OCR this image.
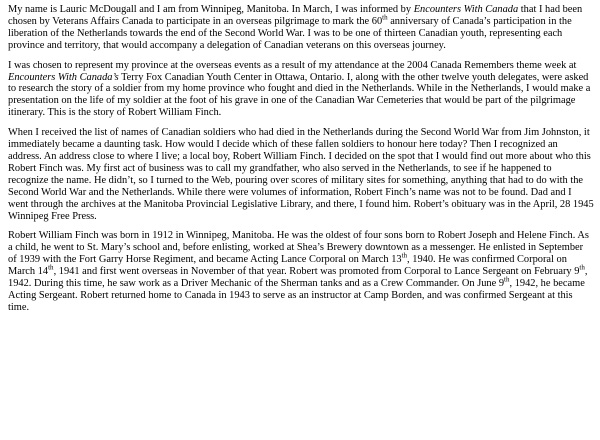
My name is Lauric McDougall and I am from Winnipeg, Manitoba. In March, I was informed by Encounters With Canada that I had been chosen by Veterans Affairs Canada to participate in an overseas pilgrimage to mark the 60th anniversary of Canada’s participation in the liberation of the Netherlands towards the end of the Second World War. I was to be one of thirteen Canadian youth, representing each province and territory, that would accompany a delegation of Canadian veterans on this overseas journey.

I was chosen to represent my province at the overseas events as a result of my attendance at the 2004 Canada Remembers theme week at Encounters With Canada’s Terry Fox Canadian Youth Center in Ottawa, Ontario. I, along with the other twelve youth delegates, were asked to research the story of a soldier from my home province who fought and died in the Netherlands. While in the Netherlands, I would make a presentation on the life of my soldier at the foot of his grave in one of the Canadian War Cemeteries that would be part of the pilgrimage itinerary. This is the story of Robert William Finch.

When I received the list of names of Canadian soldiers who had died in the Netherlands during the Second World War from Jim Johnston, it immediately became a daunting task. How would I decide which of these fallen soldiers to honour here today? Then I recognized an address. An address close to where I live; a local boy, Robert William Finch. I decided on the spot that I would find out more about who this Robert Finch was. My first act of business was to call my grandfather, who also served in the Netherlands, to see if he happened to recognize the name. He didn’t, so I turned to the Web, pouring over scores of military sites for something, anything that had to do with the Second World War and the Netherlands. While there were volumes of information, Robert Finch’s name was not to be found. Dad and I went through the archives at the Manitoba Provincial Legislative Library, and there, I found him. Robert’s obituary was in the April, 28 1945 Winnipeg Free Press.

Robert William Finch was born in 1912 in Winnipeg, Manitoba. He was the oldest of four sons born to Robert Joseph and Helene Finch. As a child, he went to St. Mary’s school and, before enlisting, worked at Shea’s Brewery downtown as a messenger. He enlisted in September of 1939 with the Fort Garry Horse Regiment, and became Acting Lance Corporal on March 13th, 1940. He was confirmed Corporal on March 14th, 1941 and first went overseas in November of that year. Robert was promoted from Corporal to Lance Sergeant on February 9th, 1942. During this time, he saw work as a Driver Mechanic of the Sherman tanks and as a Crew Commander. On June 9th, 1942, he became Acting Sergeant. Robert returned home to Canada in 1943 to serve as an instructor at Camp Borden, and was confirmed Sergeant at this time.
